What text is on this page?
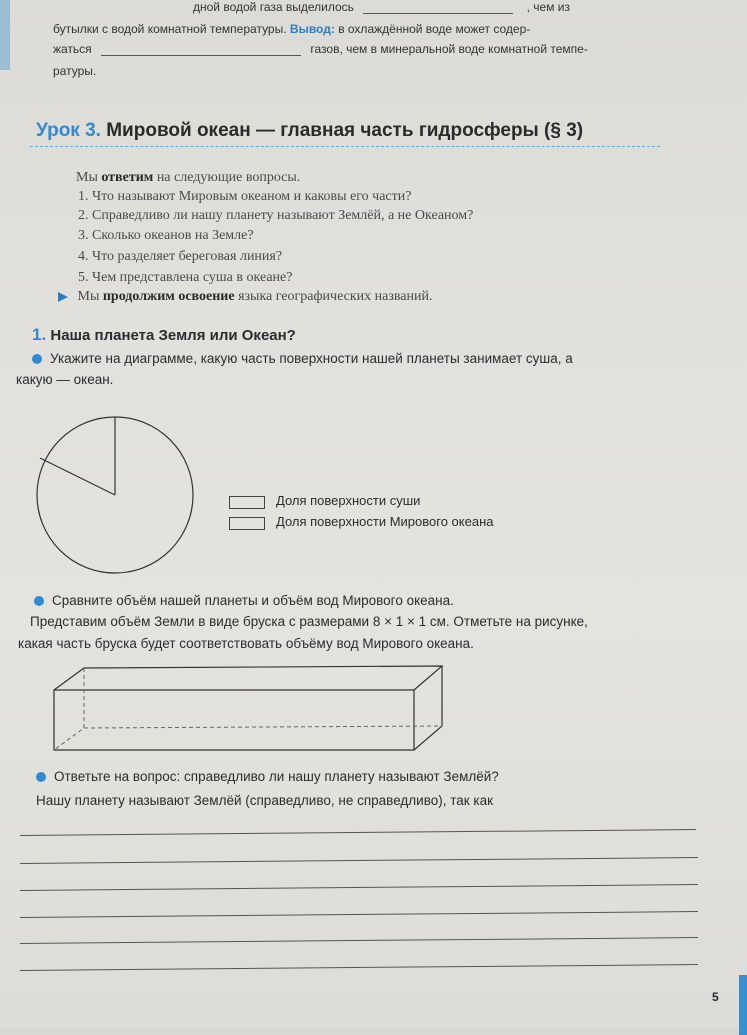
дной водой газа выделилось	, чем из
бутылки с водой комнатной температуры. Вывод: в охлаждённой воде может содер-
жаться	газов, чем в минеральной воде комнатной темпе-
ратуры.
Урок 3. Мировой океан — главная часть гидросферы (§ 3)
Мы ответим на следующие вопросы.
1. Что называют Мировым океаном и каковы его части?
2. Справедливо ли нашу планету называют Землёй, а не Океаном?
3. Сколько океанов на Земле?
4. Что разделяет береговая линия?
5. Чем представлена суша в океане?
Мы продолжим освоение языка географических названий.
1. Наша планета Земля или Океан?
Укажите на диаграмме, какую часть поверхности нашей планеты занимает суша, а
какую — океан.
Доля поверхности суши
Доля поверхности Мирового океана
Сравните объём нашей планеты и объём вод Мирового океана.
Представим объём Земли в виде бруска с размерами 8 × 1 × 1 см. Отметьте на рисунке,
какая часть бруска будет соответствовать объёму вод Мирового океана.
Ответьте на вопрос: справедливо ли нашу планету называют Землёй?
Нашу планету называют Землёй (справедливо, не справедливо), так как
5
